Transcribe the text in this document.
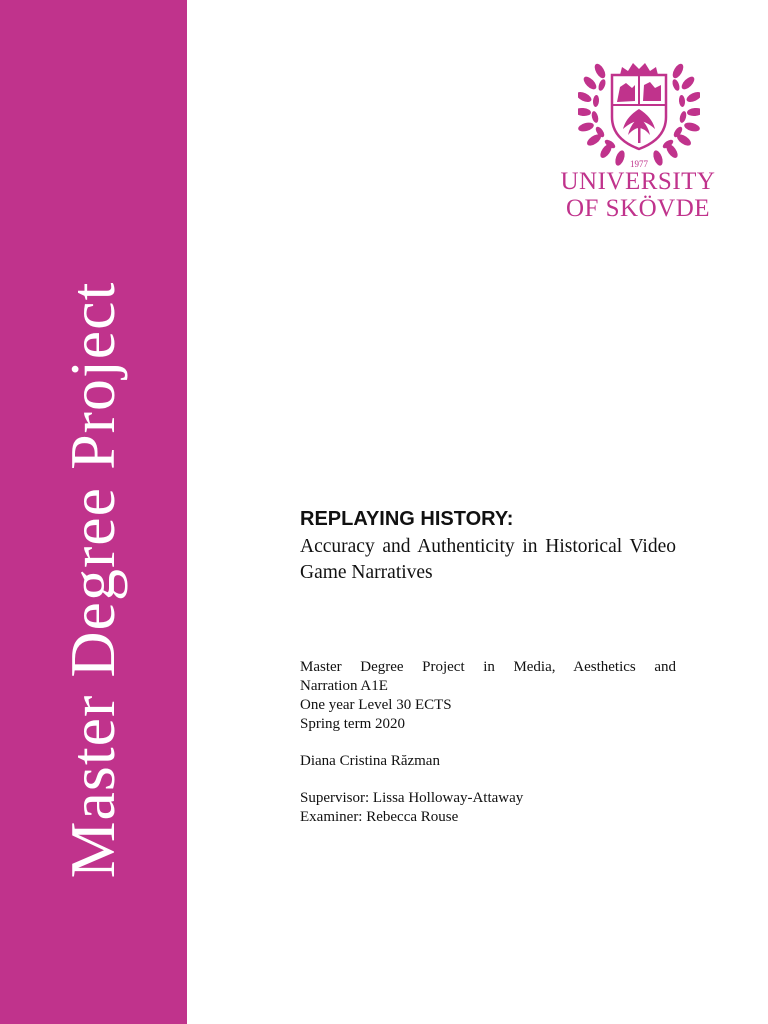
Master Degree Project
1977
UNIVERSITY
OF SKÖVDE
REPLAYING HISTORY:
Accuracy and Authenticity in Historical Video Game Narratives
Master Degree Project in Media, Aesthetics and
Narration A1E
One year Level 30 ECTS
Spring term 2020
Diana Cristina Răzman
Supervisor: Lissa Holloway-Attaway
Examiner: Rebecca Rouse
